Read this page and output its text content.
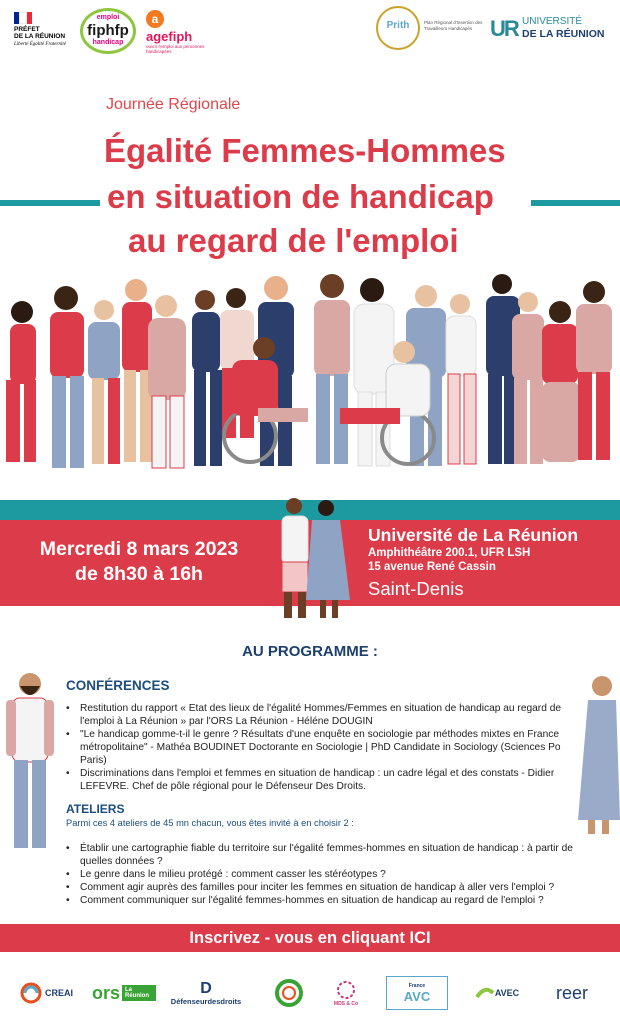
PRÉFET
DE LA RÉUNION
Liberté Égalité Fraternité
emploi
fiphfp
handicap
a
agefiph
ouvrir l'emploi aux personnes handicapées
Prith	Plan Régional d'Insertion des Travailleurs Handicapés UR UNIVERSITÉ
DE LA RÉUNION
Journée Régionale
Égalité Femmes-Hommes
en situation de handicap
au regard de l'emploi
Mercredi 8 mars 2023
de 8h30 à 16h
Université de La Réunion
Amphithéâtre 200.1, UFR LSH
15 avenue René Cassin
Saint-Denis
AU PROGRAMME :
CONFÉRENCES
• Restitution du rapport « Etat des lieux de l'égalité Hommes/Femmes en situation de handicap au regard de l'emploi à La Réunion » par l'ORS La Réunion - Héléne DOUGIN
• "Le handicap gomme-t-il le genre ? Résultats d'une enquête en sociologie par méthodes mixtes en France métropolitaine" - Mathéa BOUDINET Doctorante en Sociologie | PhD Candidate in Sociology (Sciences Po Paris)
• Discriminations dans l'emploi et femmes en situation de handicap : un cadre légal et des constats - Didier LEFEVRE. Chef de pôle régional pour le Défenseur Des Droits.
ATELIERS
Parmi ces 4 ateliers de 45 mn chacun, vous êtes invité à en choisir 2 :
• Établir une cartographie fiable du territoire sur l'égalité femmes-hommes en situation de handicap : à partir de quelles données ?
• Le genre dans le milieu protégé : comment casser les stéréotypes ?
• Comment agir auprès des familles pour inciter les femmes en situation de handicap à aller vers l'emploi ?
• Comment communiquer sur l'égalité femmes-hommes en situation de handicap au regard de l'emploi ?
Inscrivez - vous en cliquant ICI
CREAI ors La Réunion	D
Défenseurdesdroits	MDS & Co
France
AVC	AVEC reer
